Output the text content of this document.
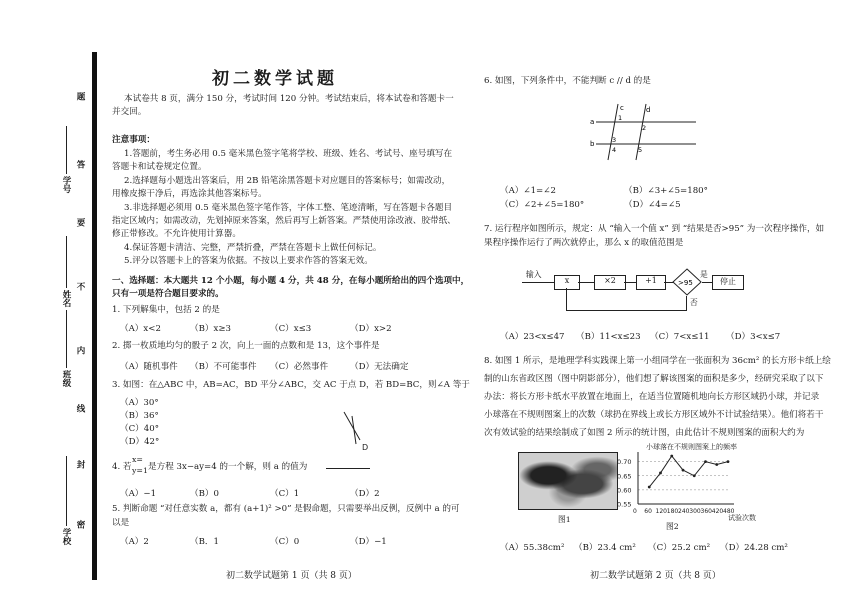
题
答
要
不
内
线
封
密
学号
姓名
班级
学校
初二数学试题
本试卷共 8 页，满分 150 分，考试时间 120 分钟。考试结束后，将本试卷和答题卡一
并交回。
注意事项：
1.答题前，考生务必用 0.5 毫米黑色签字笔将学校、班级、姓名、考试号、座号填写在
答题卡和试卷规定位置。
2.选择题每小题选出答案后，用 2B 铅笔涂黑答题卡对应题目的答案标号；如需改动，
用橡皮擦干净后，再选涂其他答案标号。
3.非选择题必须用 0.5 毫米黑色签字笔作答，字体工整、笔迹清晰，写在答题卡各题目
指定区域内；如需改动，先划掉原来答案，然后再写上新答案。严禁使用涂改液、胶带纸、
修正带修改。不允许使用计算器。
4.保证答题卡清洁、完整，严禁折叠，严禁在答题卡上做任何标记。
5.评分以答题卡上的答案为依据。不按以上要求作答的答案无效。
一、选择题：本大题共 12 个小题，每小题 4 分，共 48 分，在每小题所给出的四个选项中，
只有一项是符合题目要求的。
1. 下列解集中，包括 2 的是
（A）x<2	（B）x≥3	（C）x≤3	（D）x>2
2. 掷一枚质地均匀的骰子 2 次，向上一面的点数和是 13，这个事件是
（A）随机事件 （B）不可能事件 （C）必然事件	（D）无法确定
3. 如图：在△ABC 中，AB=AC，BD 平分∠ABC，交 AC 于点 D，若 BD=BC，则∠A 等于
（A）30°
（B）36°
（C）40°
（D）42°
D
4. 若
x=
y=1 是方程 3x−ay=4 的一个解，则 a 的值为
（A）−1	（B）0	（C）1	（D）2
5. 判断命题 “对任意实数 a，都有 (a+1)² >0” 是假命题，只需要举出反例，反例中 a 的可
以是
（A）2	（B．1	（C）0	（D）−1
初二数学试题第 1 页（共 8 页）
6. 如图，下列条件中，不能判断 c // d 的是
a
b
c	d
1
2
3
4	5
（A）∠1=∠2	（B）∠3+∠5=180°
（C）∠2+∠5=180°	（D）∠4=∠5
7. 运行程序如图所示，规定：从 “输入一个值 x” 到 “结果是否>95” 为一次程序操作，如
果程序操作运行了两次就停止，那么 x 的取值范围是
输入
x	×2	+1	>95
是
停止
否
（A）23<x≤47 （B）11<x≤23 （C）7<x≤11 （D）3<x≤7
8. 如图 1 所示，是地理学科实践课上第一小组同学在一张面积为 36cm² 的长方形卡纸上绘
制的山东省政区图（图中阴影部分），他们想了解该图案的面积是多少，经研究采取了以下
办法：将长方形卡纸水平放置在地面上，在适当位置随机地向长方形区域扔小球，并记录
小球落在不规则图案上的次数（球扔在界线上或长方形区域外不计试验结果）。他们将若干
次有效试验的结果绘制成了如图 2 所示的统计图，由此估计不规则图案的面积大约为
图1
小球落在不规则图案上的频率
0.70
0.65
0.60
0.55
0 60 120 180 240 300 360 420 480
试验次数
图2
（A）55.38cm² （B）23.4 cm² （C）25.2 cm² （D）24.28 cm²
初二数学试题第 2 页（共 8 页）
